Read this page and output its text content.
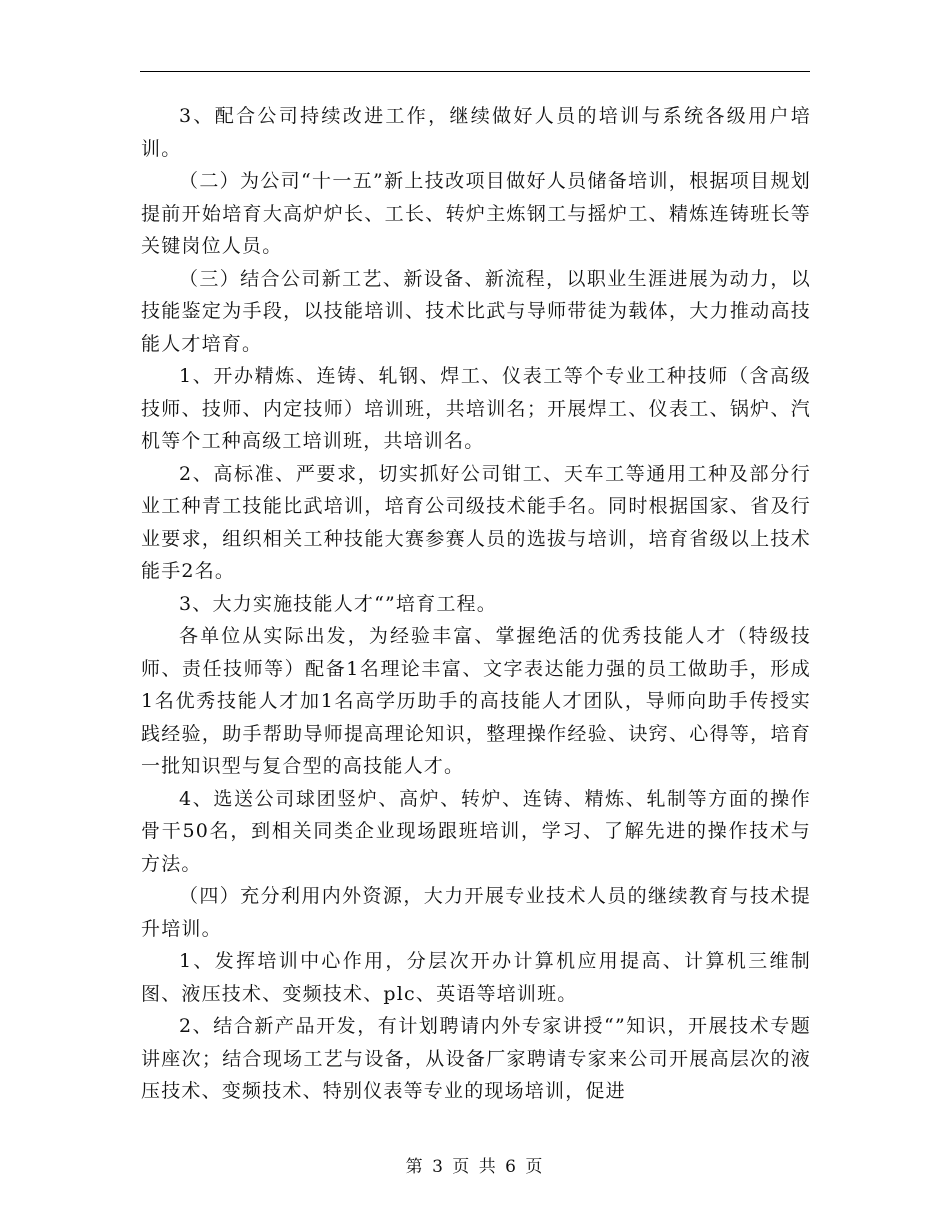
3、配合公司持续改进工作，继续做好人员的培训与系统各级用户培训。

（二）为公司“十一五”新上技改项目做好人员储备培训，根据项目规划提前开始培育大高炉炉长、工长、转炉主炼钢工与摇炉工、精炼连铸班长等关键岗位人员。

（三）结合公司新工艺、新设备、新流程，以职业生涯进展为动力，以技能鉴定为手段，以技能培训、技术比武与导师带徒为载体，大力推动高技能人才培育。

1、开办精炼、连铸、轧钢、焊工、仪表工等个专业工种技师（含高级技师、技师、内定技师）培训班，共培训名；开展焊工、仪表工、锅炉、汽机等个工种高级工培训班，共培训名。

2、高标准、严要求，切实抓好公司钳工、天车工等通用工种及部分行业工种青工技能比武培训，培育公司级技术能手名。同时根据国家、省及行业要求，组织相关工种技能大赛参赛人员的选拔与培训，培育省级以上技术能手2名。

3、大力实施技能人才“”培育工程。

各单位从实际出发，为经验丰富、掌握绝活的优秀技能人才（特级技师、责任技师等）配备1名理论丰富、文字表达能力强的员工做助手，形成1名优秀技能人才加1名高学历助手的高技能人才团队，导师向助手传授实践经验，助手帮助导师提高理论知识，整理操作经验、诀窍、心得等，培育一批知识型与复合型的高技能人才。

4、选送公司球团竖炉、高炉、转炉、连铸、精炼、轧制等方面的操作骨干50名，到相关同类企业现场跟班培训，学习、了解先进的操作技术与方法。

（四）充分利用内外资源，大力开展专业技术人员的继续教育与技术提升培训。

1、发挥培训中心作用，分层次开办计算机应用提高、计算机三维制图、液压技术、变频技术、plc、英语等培训班。

2、结合新产品开发，有计划聘请内外专家讲授“”知识，开展技术专题讲座次；结合现场工艺与设备，从设备厂家聘请专家来公司开展高层次的液压技术、变频技术、特别仪表等专业的现场培训，促进

第 3 页 共 6 页
